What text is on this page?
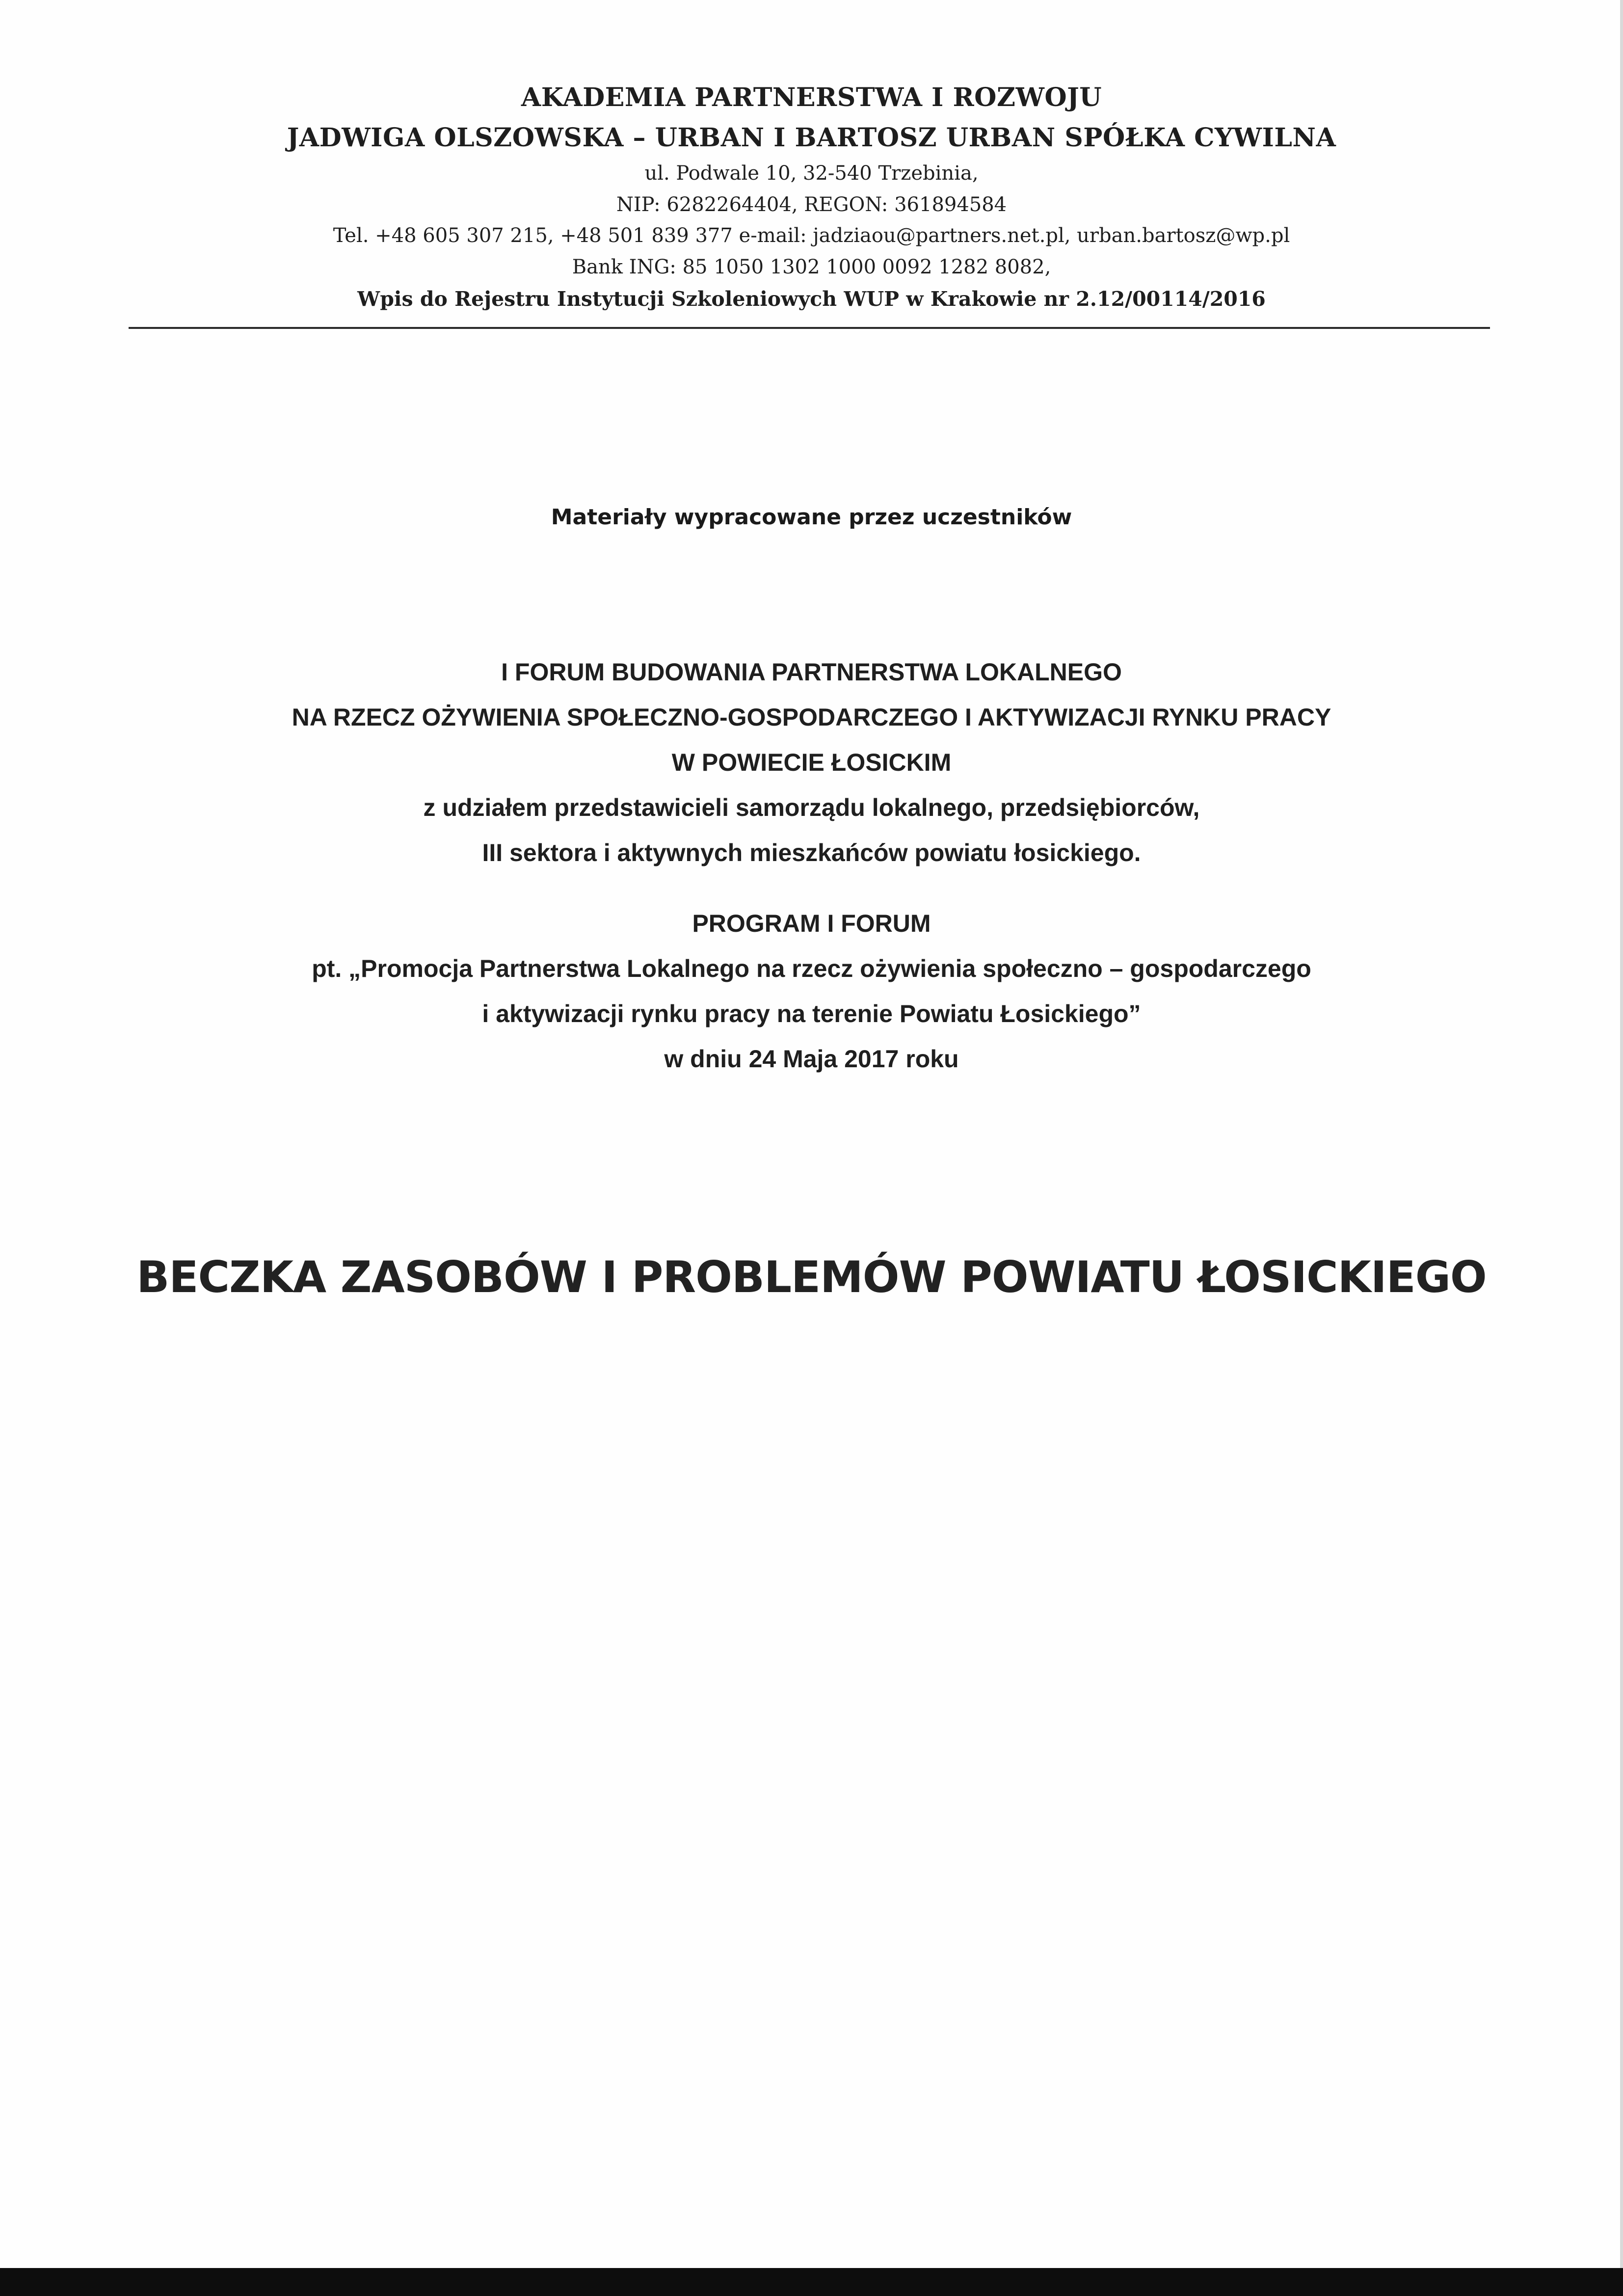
AKADEMIA PARTNERSTWA I ROZWOJU
JADWIGA OLSZOWSKA – URBAN I BARTOSZ URBAN SPÓŁKA CYWILNA
ul. Podwale 10, 32-540 Trzebinia,
NIP: 6282264404, REGON: 361894584
Tel. +48 605 307 215, +48 501 839 377 e-mail: jadziaou@partners.net.pl, urban.bartosz@wp.pl
Bank ING: 85 1050 1302 1000 0092 1282 8082,
Wpis do Rejestru Instytucji Szkoleniowych WUP w Krakowie nr 2.12/00114/2016
Materiały wypracowane przez uczestników
I FORUM BUDOWANIA PARTNERSTWA LOKALNEGO
NA RZECZ OŻYWIENIA SPOŁECZNO-GOSPODARCZEGO I AKTYWIZACJI RYNKU PRACY
W POWIECIE ŁOSICKIM
z udziałem przedstawicieli samorządu lokalnego, przedsiębiorców,
III sektora i aktywnych mieszkańców powiatu łosickiego.
PROGRAM I FORUM
pt. „Promocja Partnerstwa Lokalnego na rzecz ożywienia społeczno – gospodarczego
i aktywizacji rynku pracy na terenie Powiatu Łosickiego”
w dniu 24 Maja 2017 roku
BECZKA ZASOBÓW I PROBLEMÓW POWIATU ŁOSICKIEGO
